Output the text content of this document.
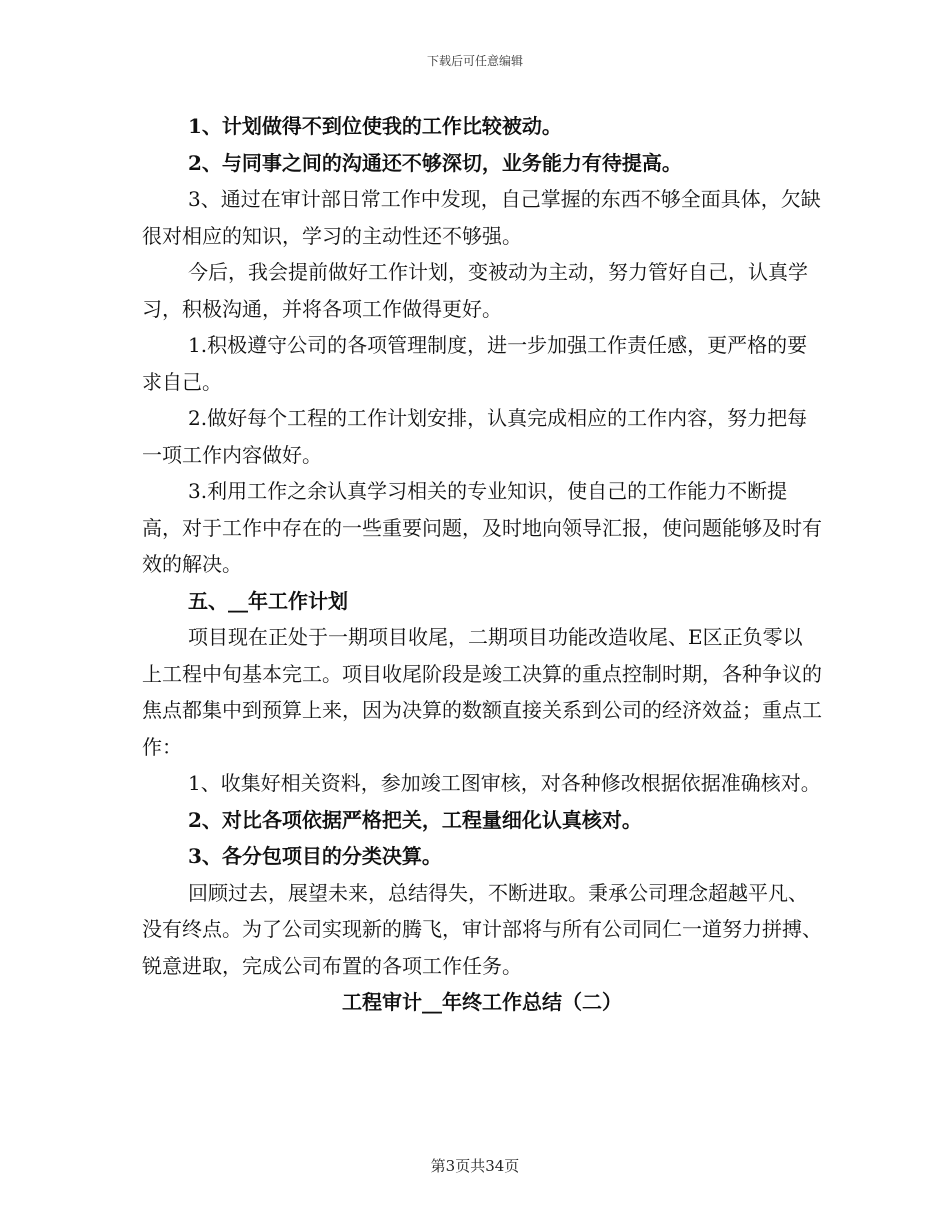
下载后可任意编辑

1、计划做得不到位使我的工作比较被动。

2、与同事之间的沟通还不够深切，业务能力有待提高。

3、通过在审计部日常工作中发现，自己掌握的东西不够全面具体，欠缺很对相应的知识，学习的主动性还不够强。

今后，我会提前做好工作计划，变被动为主动，努力管好自己，认真学习，积极沟通，并将各项工作做得更好。

1.积极遵守公司的各项管理制度，进一步加强工作责任感，更严格的要求自己。

2.做好每个工程的工作计划安排，认真完成相应的工作内容，努力把每一项工作内容做好。

3.利用工作之余认真学习相关的专业知识，使自己的工作能力不断提高，对于工作中存在的一些重要问题，及时地向领导汇报，使问题能够及时有效的解决。

五、__年工作计划

项目现在正处于一期项目收尾，二期项目功能改造收尾、E区正负零以上工程中旬基本完工。项目收尾阶段是竣工决算的重点控制时期，各种争议的焦点都集中到预算上来，因为决算的数额直接关系到公司的经济效益；重点工作：

1、收集好相关资料，参加竣工图审核，对各种修改根据依据准确核对。

2、对比各项依据严格把关，工程量细化认真核对。

3、各分包项目的分类决算。

回顾过去，展望未来，总结得失，不断进取。秉承公司理念超越平凡、没有终点。为了公司实现新的腾飞，审计部将与所有公司同仁一道努力拼搏、锐意进取，完成公司布置的各项工作任务。

工程审计__年终工作总结（二）

第3页共34页
